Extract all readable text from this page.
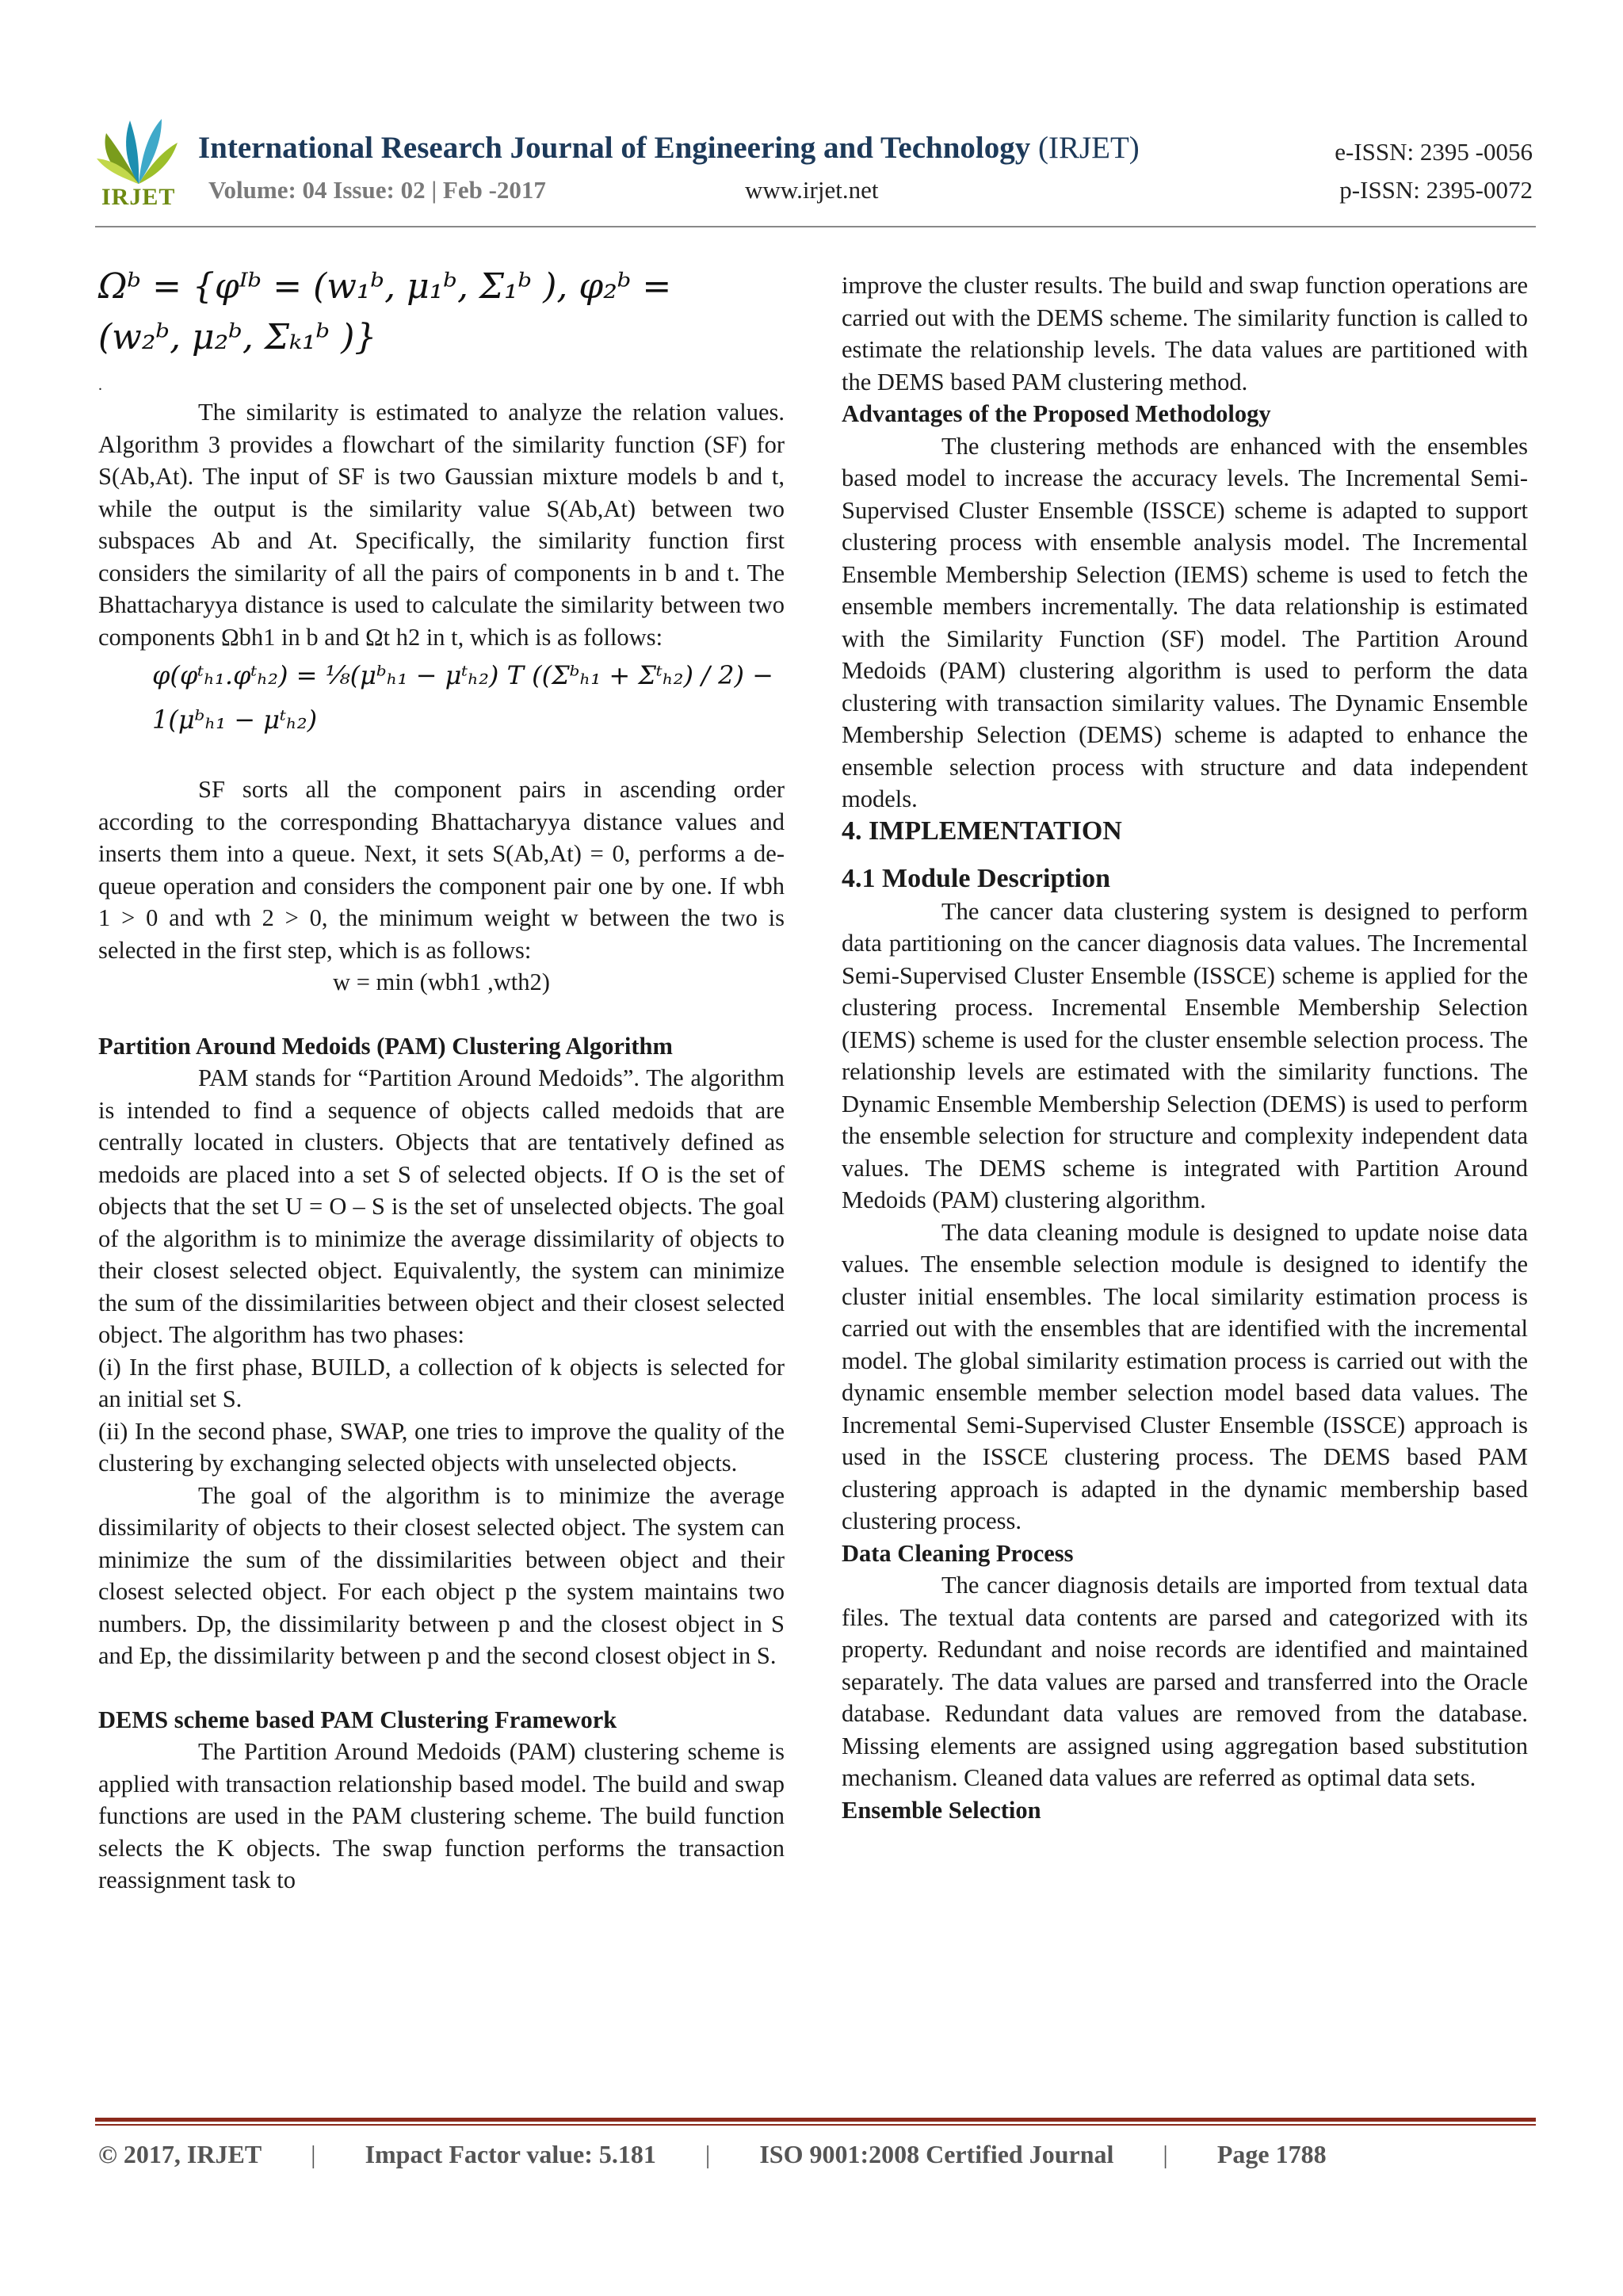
IRJET
International Research Journal of Engineering and Technology (IRJET)
Volume: 04 Issue: 02 | Feb -2017	www.irjet.net
e-ISSN: 2395 -0056
p-ISSN: 2395-0072
Ωᵇ = {φᴵᵇ = (w₁ᵇ, μ₁ᵇ, Σ₁ᵇ ), φ₂ᵇ =
(w₂ᵇ, μ₂ᵇ, Σₖ₁ᵇ )}
.

The similarity is estimated to analyze the relation values. Algorithm 3 provides a flowchart of the similarity function (SF) for S(Ab,At). The input of SF is two Gaussian mixture models b and t, while the output is the similarity value S(Ab,At) between two subspaces Ab and At. Specifically, the similarity function first considers the similarity of all the pairs of components in b and t. The Bhattacharyya distance is used to calculate the similarity between two components Ωbh1 in b and Ωt h2 in t, which is as follows:

φ(φᵗₕ₁.φᵗₕ₂) = ⅛(μᵇₕ₁ − μᵗₕ₂) T ((Σᵇₕ₁ + Σᵗₕ₂) / 2) −
1(μᵇₕ₁ − μᵗₕ₂)

SF sorts all the component pairs in ascending order according to the corresponding Bhattacharyya distance values and inserts them into a queue. Next, it sets S(Ab,At) = 0, performs a de-queue operation and considers the component pair one by one. If wbh 1 > 0 and wth 2 > 0, the minimum weight w between the two is selected in the first step, which is as follows:

w = min (wbh1 ,wth2)

Partition Around Medoids (PAM) Clustering Algorithm

PAM stands for “Partition Around Medoids”. The algorithm is intended to find a sequence of objects called medoids that are centrally located in clusters. Objects that are tentatively defined as medoids are placed into a set S of selected objects. If O is the set of objects that the set U = O – S is the set of unselected objects. The goal of the algorithm is to minimize the average dissimilarity of objects to their closest selected object. Equivalently, the system can minimize the sum of the dissimilarities between object and their closest selected object. The algorithm has two phases:

(i) In the first phase, BUILD, a collection of k objects is selected for an initial set S.

(ii) In the second phase, SWAP, one tries to improve the quality of the clustering by exchanging selected objects with unselected objects.

The goal of the algorithm is to minimize the average dissimilarity of objects to their closest selected object. The system can minimize the sum of the dissimilarities between object and their closest selected object. For each object p the system maintains two numbers. Dp, the dissimilarity between p and the closest object in S and Ep, the dissimilarity between p and the second closest object in S.

DEMS scheme based PAM Clustering Framework

The Partition Around Medoids (PAM) clustering scheme is applied with transaction relationship based model. The build and swap functions are used in the PAM clustering scheme. The build function selects the K objects. The swap function performs the transaction reassignment task to

improve the cluster results. The build and swap function operations are carried out with the DEMS scheme. The similarity function is called to estimate the relationship levels. The data values are partitioned with the DEMS based PAM clustering method.

Advantages of the Proposed Methodology

The clustering methods are enhanced with the ensembles based model to increase the accuracy levels. The Incremental Semi-Supervised Cluster Ensemble (ISSCE) scheme is adapted to support clustering process with ensemble analysis model. The Incremental Ensemble Membership Selection (IEMS) scheme is used to fetch the ensemble members incrementally. The data relationship is estimated with the Similarity Function (SF) model. The Partition Around Medoids (PAM) clustering algorithm is used to perform the data clustering with transaction similarity values. The Dynamic Ensemble Membership Selection (DEMS) scheme is adapted to enhance the ensemble selection process with structure and data independent models.

4. IMPLEMENTATION

4.1 Module Description

The cancer data clustering system is designed to perform data partitioning on the cancer diagnosis data values. The Incremental Semi-Supervised Cluster Ensemble (ISSCE) scheme is applied for the clustering process. Incremental Ensemble Membership Selection (IEMS) scheme is used for the cluster ensemble selection process. The relationship levels are estimated with the similarity functions. The Dynamic Ensemble Membership Selection (DEMS) is used to perform the ensemble selection for structure and complexity independent data values. The DEMS scheme is integrated with Partition Around Medoids (PAM) clustering algorithm.

The data cleaning module is designed to update noise data values. The ensemble selection module is designed to identify the cluster initial ensembles. The local similarity estimation process is carried out with the ensembles that are identified with the incremental model. The global similarity estimation process is carried out with the dynamic ensemble member selection model based data values. The Incremental Semi-Supervised Cluster Ensemble (ISSCE) approach is used in the ISSCE clustering process. The DEMS based PAM clustering approach is adapted in the dynamic membership based clustering process.

Data Cleaning Process

The cancer diagnosis details are imported from textual data files. The textual data contents are parsed and categorized with its property. Redundant and noise records are identified and maintained separately. The data values are parsed and transferred into the Oracle database. Redundant data values are removed from the database. Missing elements are assigned using aggregation based substitution mechanism. Cleaned data values are referred as optimal data sets.

Ensemble Selection

© 2017, IRJET | Impact Factor value: 5.181 | ISO 9001:2008 Certified Journal | Page 1788
